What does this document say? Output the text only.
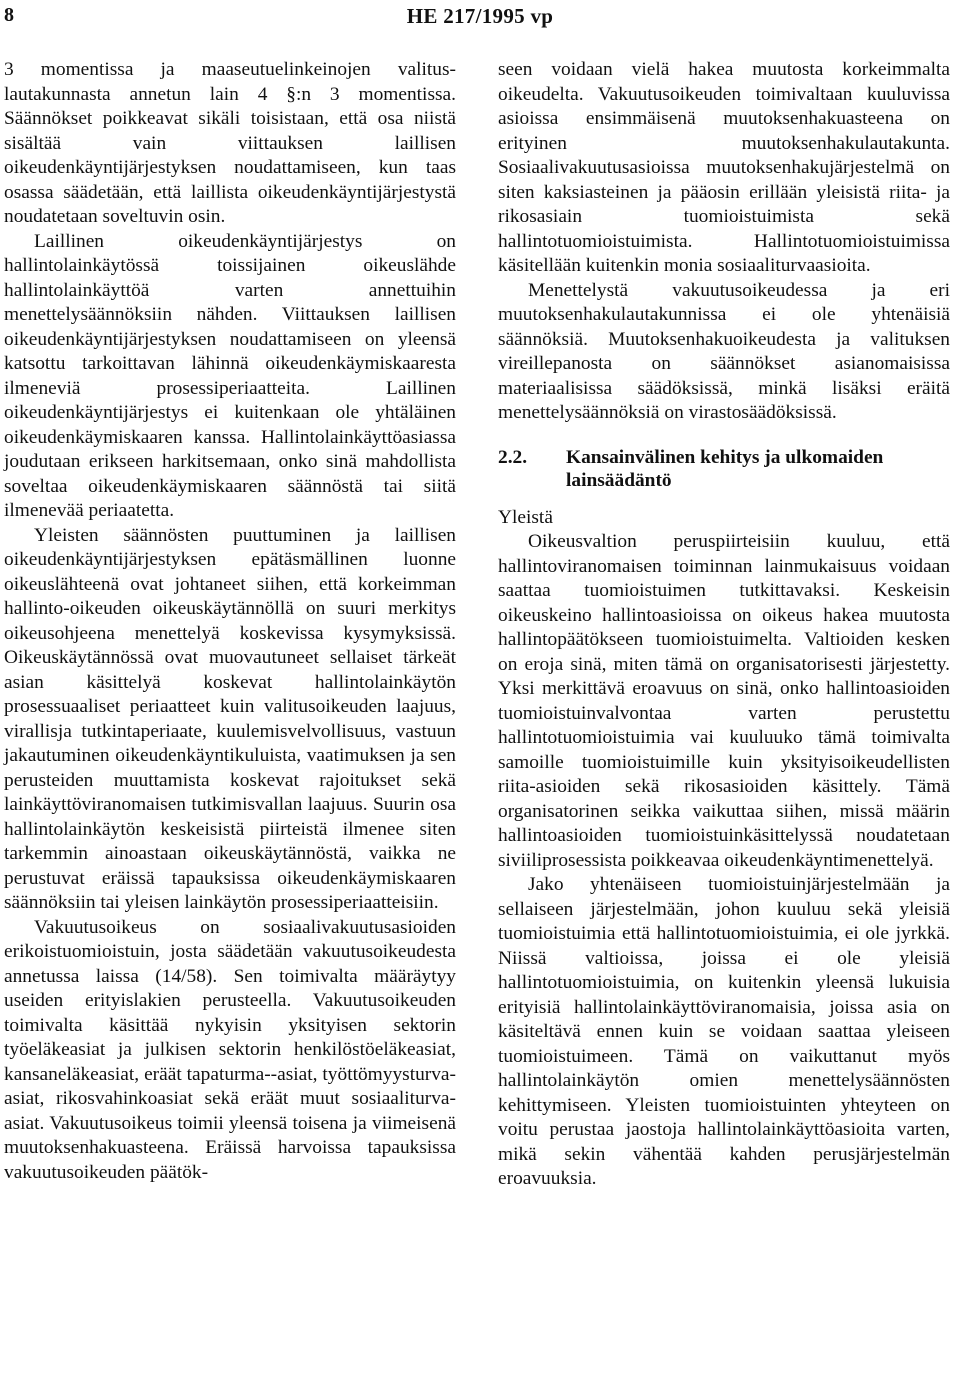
8	HE 217/1995 vp

3 momentissa ja maaseutuelinkeinojen valituslautakunnasta annetun lain 4 §:n 3 momentissa. Säännökset poikkeavat sikäli toisistaan, että osa niistä sisältää vain viittauksen laillisen oikeudenkäyntijärjestyksen noudattamiseen, kun taas osassa säädetään, että laillista oikeudenkäyntijärjestystä noudatetaan soveltuvin osin.

Laillinen oikeudenkäyntijärjestys on hallintolainkäytössä toissijainen oikeuslähde hallintolainkäyttöä varten annettuihin menettelysäännöksiin nähden. Viittauksen laillisen oikeudenkäyntijärjestyksen noudattamiseen on yleensä katsottu tarkoittavan lähinnä oikeudenkäymiskaaresta ilmeneviä prosessiperiaatteita. Laillinen oikeudenkäyntijärjestys ei kuitenkaan ole yhtäläinen oikeudenkäymiskaaren kanssa. Hallintolainkäyttöasiassa joudutaan erikseen harkitsemaan, onko sinä mahdollista soveltaa oikeudenkäymiskaaren säännöstä tai siitä ilmenevää periaatetta.

Yleisten säännösten puuttuminen ja laillisen oikeudenkäyntijärjestyksen epätäsmällinen luonne oikeuslähteenä ovat johtaneet siihen, että korkeimman hallinto-oikeuden oikeuskäytännöllä on suuri merkitys oikeusohjeena menettelyä koskevissa kysymyksissä. Oikeuskäytännössä ovat muovautuneet sellaiset tärkeät asian käsittelyä koskevat hallintolainkäytön prosessuaaliset periaatteet kuin valitusoikeuden laajuus, virallisja tutkintaperiaate, kuulemisvelvollisuus, vastuun jakautuminen oikeudenkäyntikuluista, vaatimuksen ja sen perusteiden muuttamista koskevat rajoitukset sekä lainkäyttöviranomaisen tutkimisvallan laajuus. Suurin osa hallintolainkäytön keskeisistä piirteistä ilmenee siten tarkemmin ainoastaan oikeuskäytännöstä, vaikka ne perustuvat eräissä tapauksissa oikeudenkäymiskaaren säännöksiin tai yleisen lainkäytön prosessiperiaatteisiin.

Vakuutusoikeus on sosiaalivakuutusasioiden erikoistuomioistuin, josta säädetään vakuutusoikeudesta annetussa laissa (14/58). Sen toimivalta määräytyy useiden erityislakien perusteella. Vakuutusoikeuden toimivalta käsittää nykyisin yksityisen sektorin työeläkeasiat ja julkisen sektorin henkilöstöeläkeasiat, kansaneläkeasiat, eräät tapaturma--asiat, työttömyysturva-asiat, rikosvahinkoasiat sekä eräät muut sosiaaliturva-asiat. Vakuutusoikeus toimii yleensä toisena ja viimeisenä muutoksenhakuasteena. Eräissä harvoissa tapauksissa vakuutusoikeuden päätök-

seen voidaan vielä hakea muutosta korkeimmalta oikeudelta. Vakuutusoikeuden toimivaltaan kuuluvissa asioissa ensimmäisenä muutoksenhakuasteena on erityinen muutoksenhakulautakunta. Sosiaalivakuutusasioissa muutoksenhakujärjestelmä on siten kaksiasteinen ja pääosin erillään yleisistä riita- ja rikosasiain tuomioistuimista sekä hallintotuomioistuimista. Hallintotuomioistuimissa käsitellään kuitenkin monia sosiaaliturvaasioita.

Menettelystä vakuutusoikeudessa ja eri muutoksenhakulautakunnissa ei ole yhtenäisiä säännöksiä. Muutoksenhakuoikeudesta ja valituksen vireillepanosta on säännökset asianomaisissa materiaalisissa säädöksissä, minkä lisäksi eräitä menettelysäännöksiä on virastosäädöksissä.

2.2.	Kansainvälinen kehitys ja ulkomaiden lainsäädäntö

Yleistä

Oikeusvaltion peruspiirteisiin kuuluu, että hallintoviranomaisen toiminnan lainmukaisuus voidaan saattaa tuomioistuimen tutkittavaksi. Keskeisin oikeuskeino hallintoasioissa on oikeus hakea muutosta hallintopäätökseen tuomioistuimelta. Valtioiden kesken on eroja sinä, miten tämä on organisatorisesti järjestetty. Yksi merkittävä eroavuus on sinä, onko hallintoasioiden tuomioistuinvalvontaa varten perustettu hallintotuomioistuimia vai kuuluuko tämä toimivalta samoille tuomioistuimille kuin yksityisoikeudellisten riita-asioiden sekä rikosasioiden käsittely. Tämä organisatorinen seikka vaikuttaa siihen, missä määrin hallintoasioiden tuomioistuinkäsittelyssä noudatetaan siviiliprosessista poikkeavaa oikeudenkäyntimenettelyä.

Jako yhtenäiseen tuomioistuinjärjestelmään ja sellaiseen järjestelmään, johon kuuluu sekä yleisiä tuomioistuimia että hallintotuomioistuimia, ei ole jyrkkä. Niissä valtioissa, joissa ei ole yleisiä hallintotuomioistuimia, on kuitenkin yleensä lukuisia erityisiä hallintolainkäyttöviranomaisia, joissa asia on käsiteltävä ennen kuin se voidaan saattaa yleiseen tuomioistuimeen. Tämä on vaikuttanut myös hallintolainkäytön omien menettelysäännösten kehittymiseen. Yleisten tuomioistuinten yhteyteen on voitu perustaa jaostoja hallintolainkäyttöasioita varten, mikä sekin vähentää kahden perusjärjestelmän eroavuuksia.
